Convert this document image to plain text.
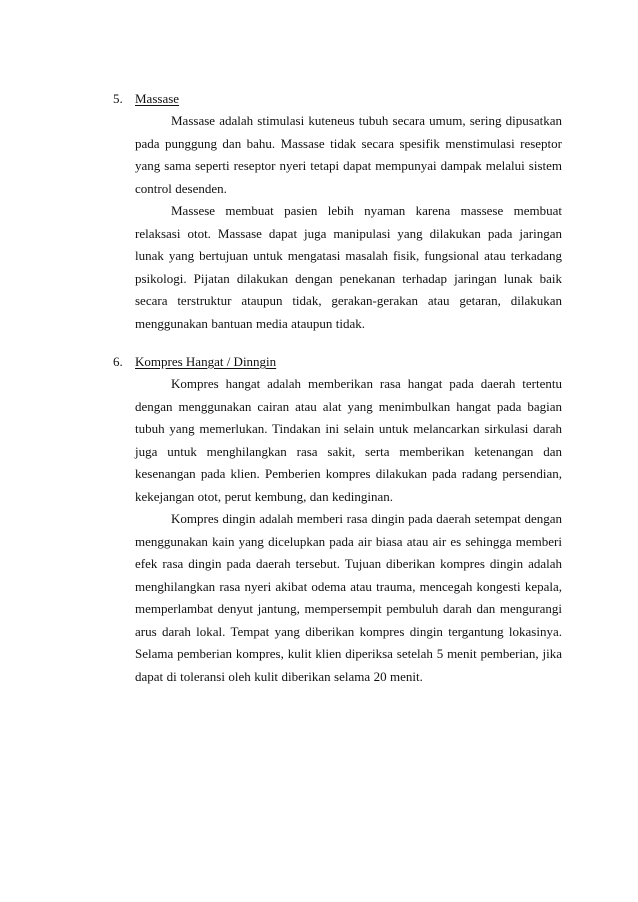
5. Massase

Massase adalah stimulasi kuteneus tubuh secara umum, sering dipusatkan pada punggung dan bahu. Massase tidak secara spesifik menstimulasi reseptor yang sama seperti reseptor nyeri tetapi dapat mempunyai dampak melalui sistem control desenden.

Massese membuat pasien lebih nyaman karena massese membuat relaksasi otot. Massase dapat juga manipulasi yang dilakukan pada jaringan lunak yang bertujuan untuk mengatasi masalah fisik, fungsional atau terkadang psikologi. Pijatan dilakukan dengan penekanan terhadap jaringan lunak baik secara terstruktur ataupun tidak, gerakan-gerakan atau getaran, dilakukan menggunakan bantuan media ataupun tidak.

6. Kompres Hangat / Dinngin

Kompres hangat adalah memberikan rasa hangat pada daerah tertentu dengan menggunakan cairan atau alat yang menimbulkan hangat pada bagian tubuh yang memerlukan. Tindakan ini selain untuk melancarkan sirkulasi darah juga untuk menghilangkan rasa sakit, serta memberikan ketenangan dan kesenangan pada klien. Pemberien kompres dilakukan pada radang persendian, kekejangan otot, perut kembung, dan kedinginan.

Kompres dingin adalah memberi rasa dingin pada daerah setempat dengan menggunakan kain yang dicelupkan pada air biasa atau air es sehingga memberi efek rasa dingin pada daerah tersebut. Tujuan diberikan kompres dingin adalah menghilangkan rasa nyeri akibat odema atau trauma, mencegah kongesti kepala, memperlambat denyut jantung, mempersempit pembuluh darah dan mengurangi arus darah lokal. Tempat yang diberikan kompres dingin tergantung lokasinya. Selama pemberian kompres, kulit klien diperiksa setelah 5 menit pemberian, jika dapat di toleransi oleh kulit diberikan selama 20 menit.
